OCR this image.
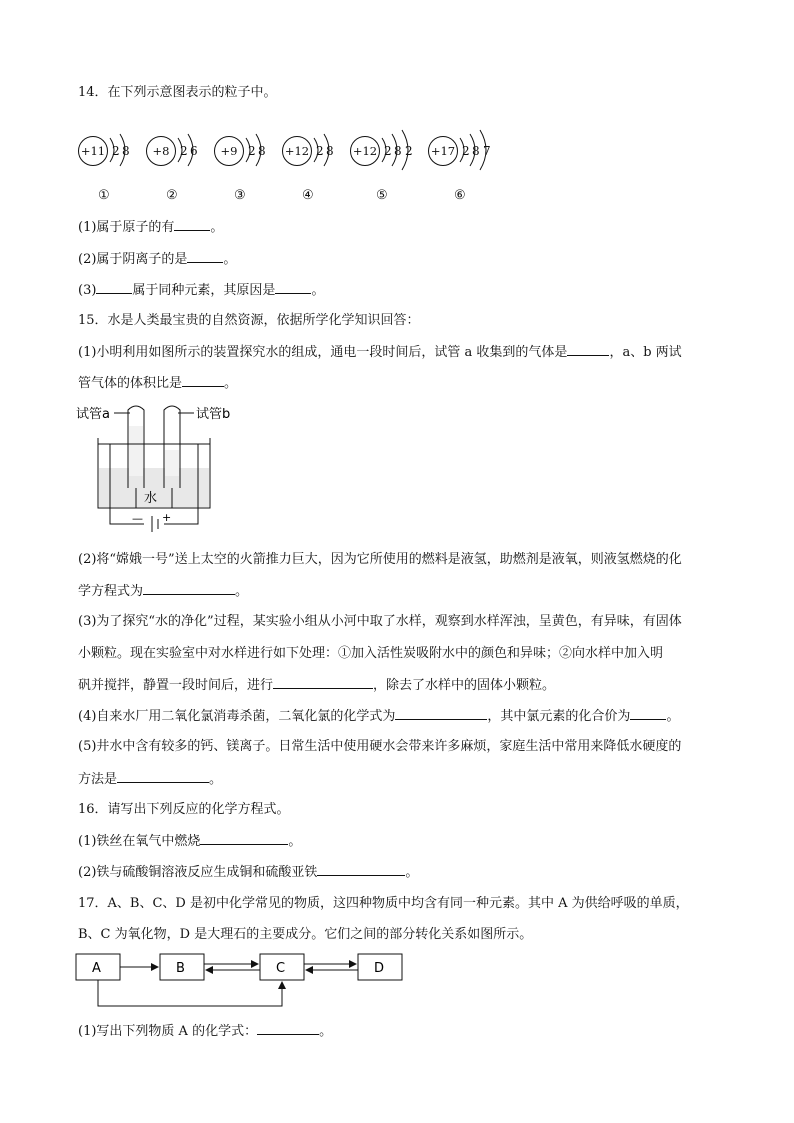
14．在下列示意图表示的粒子中。
+11 2 8
①
+8 2 6
②
+9 2 8
③
+12 2 8
④
+12 2 8 2
⑤
+17 2 8 7
⑥
(1)属于原子的有	。
(2)属于阴离子的是	。
(3)	属于同种元素，其原因是	。
15．水是人类最宝贵的自然资源，依据所学化学知识回答：
(1)小明利用如图所示的装置探究水的组成，通电一段时间后，试管 a 收集到的气体是	，a、b 两试
管气体的体积比是	。
试管a	试管b
水
— +
(2)将“嫦娥一号”送上太空的火箭推力巨大，因为它所使用的燃料是液氢，助燃剂是液氧，则液氢燃烧的化
学方程式为	。
(3)为了探究“水的净化”过程，某实验小组从小河中取了水样，观察到水样浑浊，呈黄色，有异味，有固体
小颗粒。现在实验室中对水样进行如下处理：①加入活性炭吸附水中的颜色和异味；②向水样中加入明
矾并搅拌，静置一段时间后，进行	，除去了水样中的固体小颗粒。
(4)自来水厂用二氧化氯消毒杀菌，二氧化氯的化学式为	，其中氯元素的化合价为	。
(5)井水中含有较多的钙、镁离子。日常生活中使用硬水会带来许多麻烦，家庭生活中常用来降低水硬度的
方法是	。
16．请写出下列反应的化学方程式。
(1)铁丝在氧气中燃烧	。
(2)铁与硫酸铜溶液反应生成铜和硫酸亚铁	。
17．A、B、C、D 是初中化学常见的物质，这四种物质中均含有同一种元素。其中 A 为供给呼吸的单质，
B、C 为氧化物，D 是大理石的主要成分。它们之间的部分转化关系如图所示。
A	B	C	D
(1)写出下列物质 A 的化学式：	。
